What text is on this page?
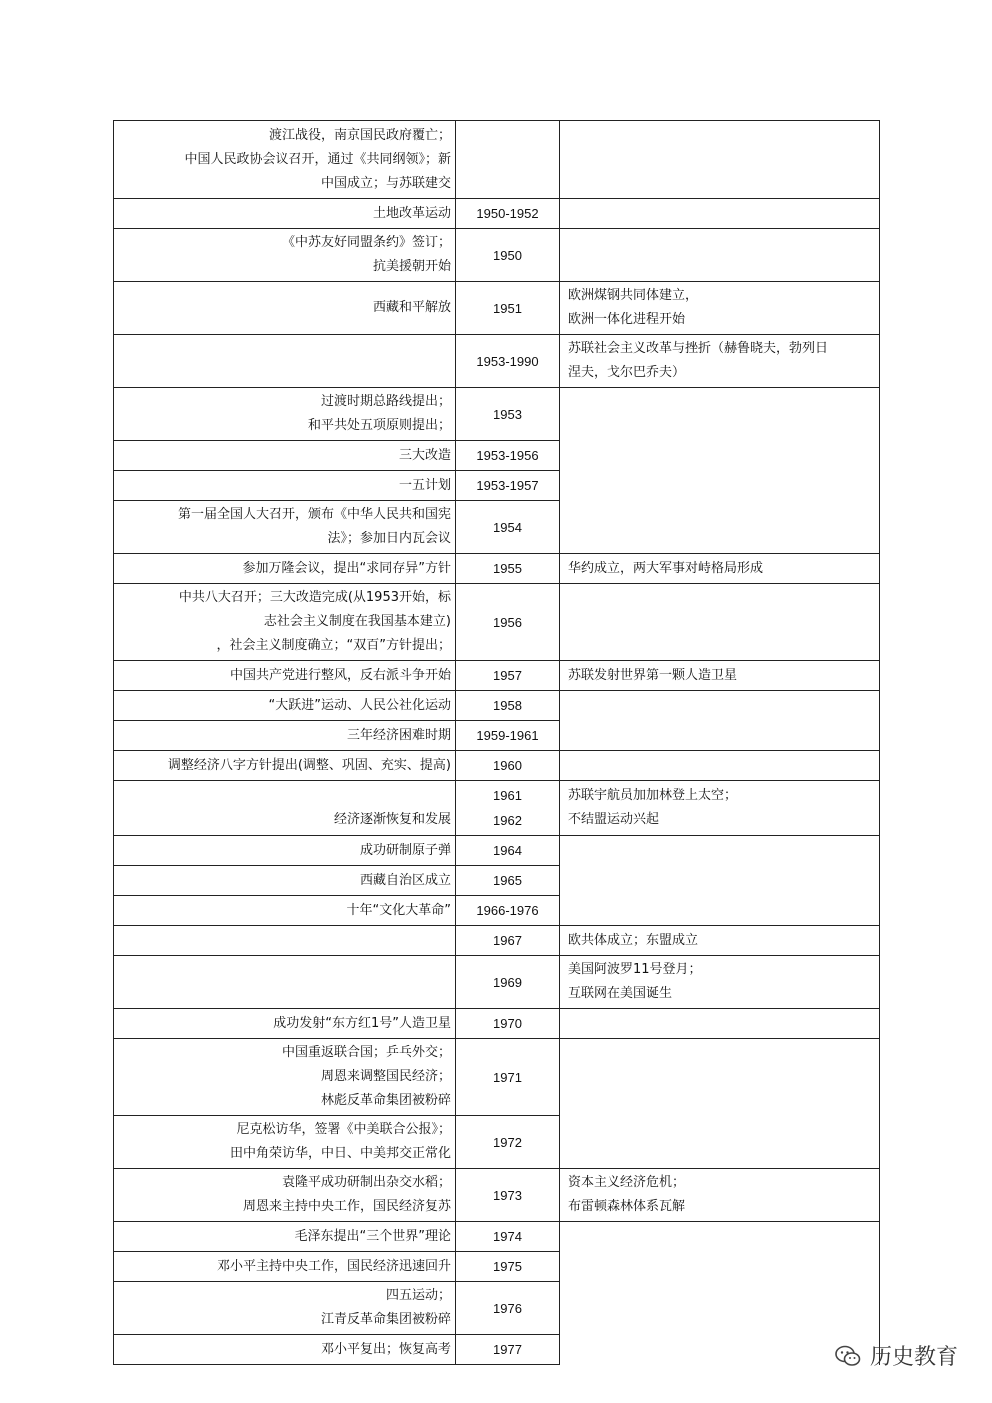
渡江战役，南京国民政府覆亡；
中国人民政协会议召开，通过《共同纲领》；新
中国成立；与苏联建交		

土地改革运动	1950-1952	

《中苏友好同盟条约》签订；
抗美援朝开始	1950	

西藏和平解放	1951	欧洲煤钢共同体建立，
欧洲一体化进程开始

	1953-1990	苏联社会主义改革与挫折（赫鲁晓夫，勃列日
涅夫，戈尔巴乔夫）

过渡时期总路线提出；
和平共处五项原则提出；	1953	

三大改造	1953-1956	

一五计划	1953-1957	

第一届全国人大召开，颁布《中华人民共和国宪
法》；参加日内瓦会议	1954	

参加万隆会议，提出“求同存异”方针	1955	华约成立，两大军事对峙格局形成

中共八大召开；三大改造完成(从1953开始，标
志社会主义制度在我国基本建立)
，社会主义制度确立；“双百”方针提出；	1956	

中国共产党进行整风，反右派斗争开始	1957	苏联发射世界第一颗人造卫星

“大跃进”运动、人民公社化运动	1958	

三年经济困难时期	1959-1961	

调整经济八字方针提出(调整、巩固、充实、提高)	1960	

经济逐渐恢复和发展	1961
1962	苏联宇航员加加林登上太空；
不结盟运动兴起

成功研制原子弹	1964	

西藏自治区成立	1965	

十年“文化大革命”	1966-1976	

	1967	欧共体成立；东盟成立

	1969	美国阿波罗11号登月；
互联网在美国诞生

成功发射“东方红1号”人造卫星	1970	

中国重返联合国；乒乓外交；
周恩来调整国民经济；
林彪反革命集团被粉碎	1971	

尼克松访华，签署《中美联合公报》；
田中角荣访华，中日、中美邦交正常化	1972	

袁隆平成功研制出杂交水稻；
周恩来主持中央工作，国民经济复苏	1973	资本主义经济危机；
布雷顿森林体系瓦解

毛泽东提出“三个世界”理论	1974	

邓小平主持中央工作，国民经济迅速回升	1975	

四五运动；
江青反革命集团被粉碎	1976	

邓小平复出；恢复高考	1977		历史教育
